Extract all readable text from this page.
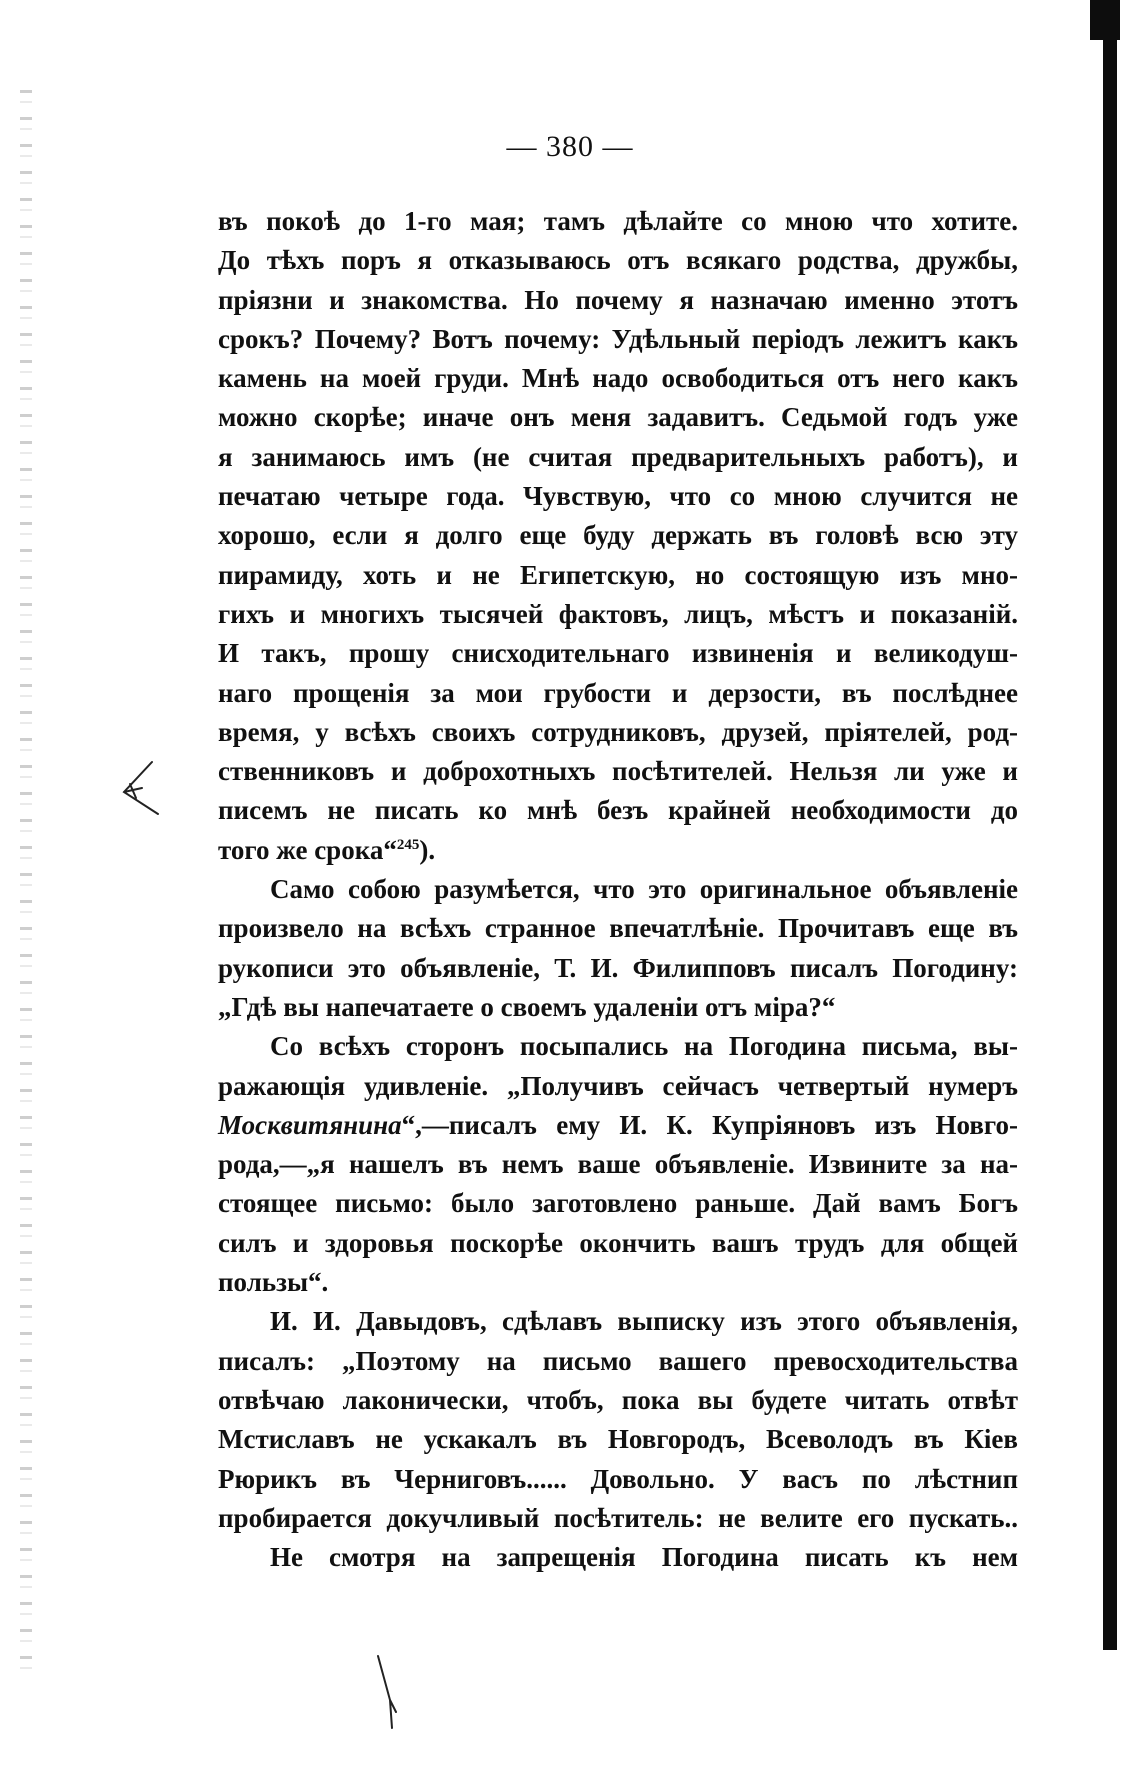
— 380 —
въ покоѣ до 1-го мая; тамъ дѣлайте со мною что хотите.
До тѣхъ поръ я отказываюсь отъ всякаго родства, дружбы,
пріязни и знакомства. Но почему я назначаю именно этотъ
срокъ? Почему? Вотъ почему: Удѣльный періодъ лежитъ какъ
камень на моей груди. Мнѣ надо освободиться отъ него какъ
можно скорѣе; иначе онъ меня задавитъ. Седьмой годъ уже
я занимаюсь имъ (не считая предварительныхъ работъ), и
печатаю четыре года. Чувствую, что со мною случится не
хорошо, если я долго еще буду держать въ головѣ всю эту
пирамиду, хоть и не Египетскую, но состоящую изъ мно-
гихъ и многихъ тысячей фактовъ, лицъ, мѣстъ и показаній.
И такъ, прошу снисходительнаго извиненія и великодуш-
наго прощенія за мои грубости и дерзости, въ послѣднее
время, у всѣхъ своихъ сотрудниковъ, друзей, пріятелей, род-
ственниковъ и доброхотныхъ посѣтителей. Нельзя ли уже и
писемъ не писать ко мнѣ безъ крайней необходимости до
того же срока“$^{245}$).
Само собою разумѣется, что это оригинальное объявленіе
произвело на всѣхъ странное впечатлѣніе. Прочитавъ еще въ
рукописи это объявленіе, Т. И. Филипповъ писалъ Погодину:
„Гдѣ вы напечатаете о своемъ удаленіи отъ міра?“
Со всѣхъ сторонъ посыпались на Погодина письма, вы-
ражающія удивленіе. „Получивъ сейчасъ четвертый нумеръ
Москвитянина“,—писалъ ему И. К. Купріяновъ изъ Новго-
рода,—„я нашелъ въ немъ ваше объявленіе. Извините за на-
стоящее письмо: было заготовлено раньше. Дай вамъ Богъ
силъ и здоровья поскорѣе окончить вашъ трудъ для общей
пользы“.
И. И. Давыдовъ, сдѣлавъ выписку изъ этого объявленія,
писалъ: „Поэтому на письмо вашего превосходительства
отвѣчаю лаконически, чтобъ, пока вы будете читать отвѣт
Мстиславъ не ускакалъ въ Новгородъ, Всеволодъ въ Кіев
Рюрикъ въ Черниговъ...... Довольно. У васъ по лѣстнип
пробирается докучливый посѣтитель: не велите его пускать..
Не смотря на запрещенія Погодина писать къ нем
